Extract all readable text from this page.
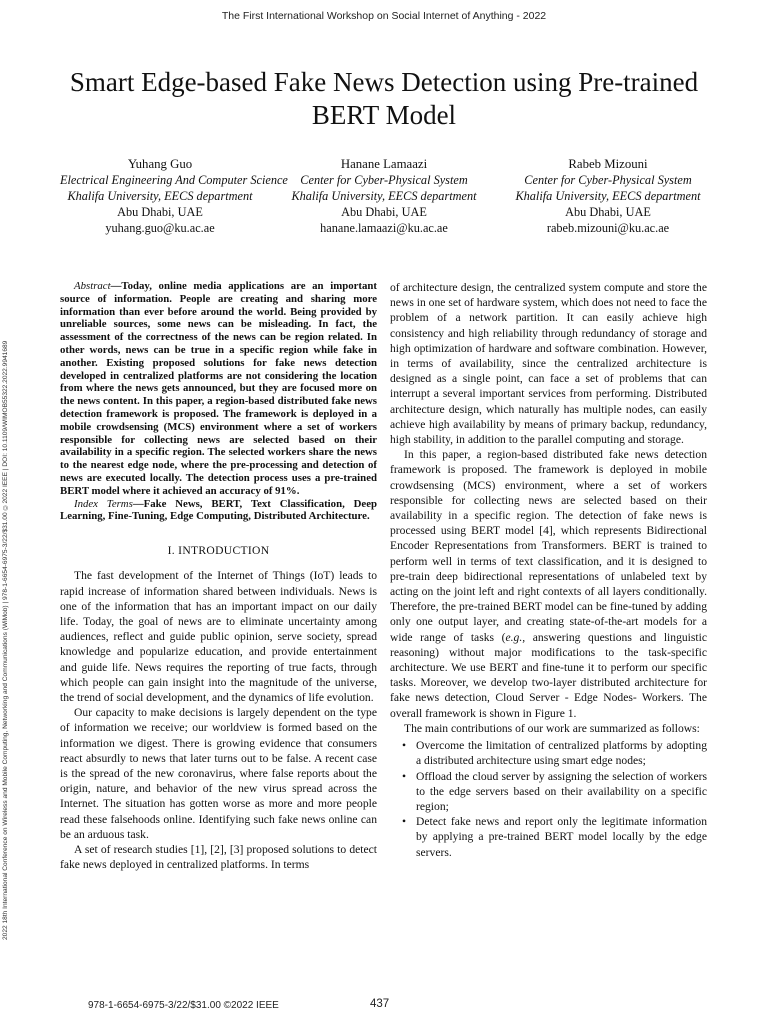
The First International Workshop on Social Internet of Anything - 2022
2022 18th International Conference on Wireless and Mobile Computing, Networking and Communications (WiMob) | 978-1-6654-6975-3/22/$31.00 ©2022 IEEE | DOI: 10.1109/WIMOB55322.2022.9941689
Smart Edge-based Fake News Detection using Pre-trained BERT Model
Yuhang Guo
Electrical Engineering And Computer Science
Khalifa University, EECS department
Abu Dhabi, UAE
yuhang.guo@ku.ac.ae
Hanane Lamaazi
Center for Cyber-Physical System
Khalifa University, EECS department
Abu Dhabi, UAE
hanane.lamaazi@ku.ac.ae
Rabeb Mizouni
Center for Cyber-Physical System
Khalifa University, EECS department
Abu Dhabi, UAE
rabeb.mizouni@ku.ac.ae

Abstract—Today, online media applications are an important source of information. People are creating and sharing more information than ever before around the world. Being provided by unreliable sources, some news can be misleading. In fact, the assessment of the correctness of the news can be region related. In other words, news can be true in a specific region while fake in another. Existing proposed solutions for fake news detection developed in centralized platforms are not considering the location from where the news gets announced, but they are focused more on the news content. In this paper, a region-based distributed fake news detection framework is proposed. The framework is deployed in a mobile crowdsensing (MCS) environment where a set of workers responsible for collecting news are selected based on their availability in a specific region. The selected workers share the news to the nearest edge node, where the pre-processing and detection of news are executed locally. The detection process uses a pre-trained BERT model where it achieved an accuracy of 91%.

Index Terms—Fake News, BERT, Text Classification, Deep Learning, Fine-Tuning, Edge Computing, Distributed Architecture.

I. INTRODUCTION

The fast development of the Internet of Things (IoT) leads to rapid increase of information shared between individuals. News is one of the information that has an important impact on our daily life. Today, the goal of news are to eliminate uncertainty among audiences, reflect and guide public opinion, serve society, spread knowledge and popularize education, and provide entertainment and guide life. News requires the reporting of true facts, through which people can gain insight into the magnitude of the universe, the trend of social development, and the dynamics of life evolution.

Our capacity to make decisions is largely dependent on the type of information we receive; our worldview is formed based on the information we digest. There is growing evidence that consumers react absurdly to news that later turns out to be false. A recent case is the spread of the new coronavirus, where false reports about the origin, nature, and behavior of the new virus spread across the Internet. The situation has gotten worse as more and more people read these falsehoods online. Identifying such fake news online can be an arduous task.

A set of research studies [1], [2], [3] proposed solutions to detect fake news deployed in centralized platforms. In terms

of architecture design, the centralized system compute and store the news in one set of hardware system, which does not need to face the problem of a network partition. It can easily achieve high consistency and high reliability through redundancy of storage and high optimization of hardware and software combination. However, in terms of availability, since the centralized architecture is designed as a single point, can face a set of problems that can interrupt a several important services from performing. Distributed architecture design, which naturally has multiple nodes, can easily achieve high availability by means of primary backup, redundancy, high stability, in addition to the parallel computing and storage.

In this paper, a region-based distributed fake news detection framework is proposed. The framework is deployed in mobile crowdsensing (MCS) environment, where a set of workers responsible for collecting news are selected based on their availability in a specific region. The detection of fake news is processed using BERT model [4], which represents Bidirectional Encoder Representations from Transformers. BERT is trained to perform well in terms of text classification, and it is designed to pre-train deep bidirectional representations of unlabeled text by acting on the joint left and right contexts of all layers conditionally. Therefore, the pre-trained BERT model can be fine-tuned by adding only one output layer, and creating state-of-the-art models for a wide range of tasks (e.g., answering questions and linguistic reasoning) without major modifications to the task-specific architecture. We use BERT and fine-tune it to perform our specific tasks. Moreover, we develop two-layer distributed architecture for fake news detection, Cloud Server - Edge Nodes- Workers. The overall framework is shown in Figure 1.

The main contributions of our work are summarized as follows:

• Overcome the limitation of centralized platforms by adopting a distributed architecture using smart edge nodes;
• Offload the cloud server by assigning the selection of workers to the edge servers based on their availability on a specific region;
• Detect fake news and report only the legitimate information by applying a pre-trained BERT model locally by the edge servers.
978-1-6654-6975-3/22/$31.00 ©2022 IEEE	437
